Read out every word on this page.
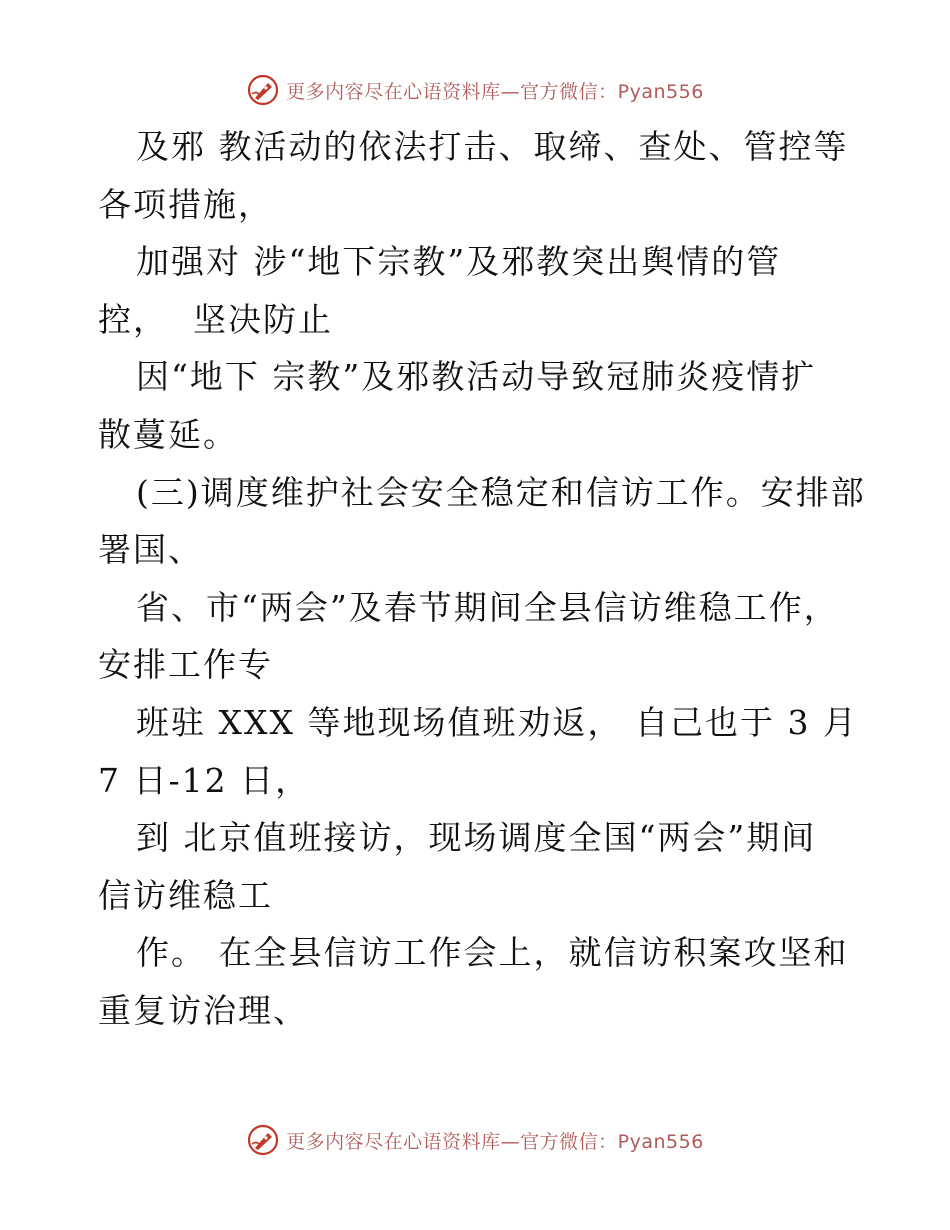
更多内容尽在心语资料库—官方微信：Pyan556
及邪 教活动的依法打击、取缔、查处、管控等
各项措施，
加强对 涉“地下宗教”及邪教突出舆情的管
控，  坚决防止
因“地下 宗教”及邪教活动导致冠肺炎疫情扩
散蔓延。
(三)调度维护社会安全稳定和信访工作。安排部
署国、
省、市“两会”及春节期间全县信访维稳工作，
安排工作专
班驻 XXX 等地现场值班劝返， 自己也于 3 月
7 日-12 日，
到 北京值班接访，现场调度全国“两会”期间
信访维稳工
作。 在全县信访工作会上，就信访积案攻坚和
重复访治理、
更多内容尽在心语资料库—官方微信：Pyan556
